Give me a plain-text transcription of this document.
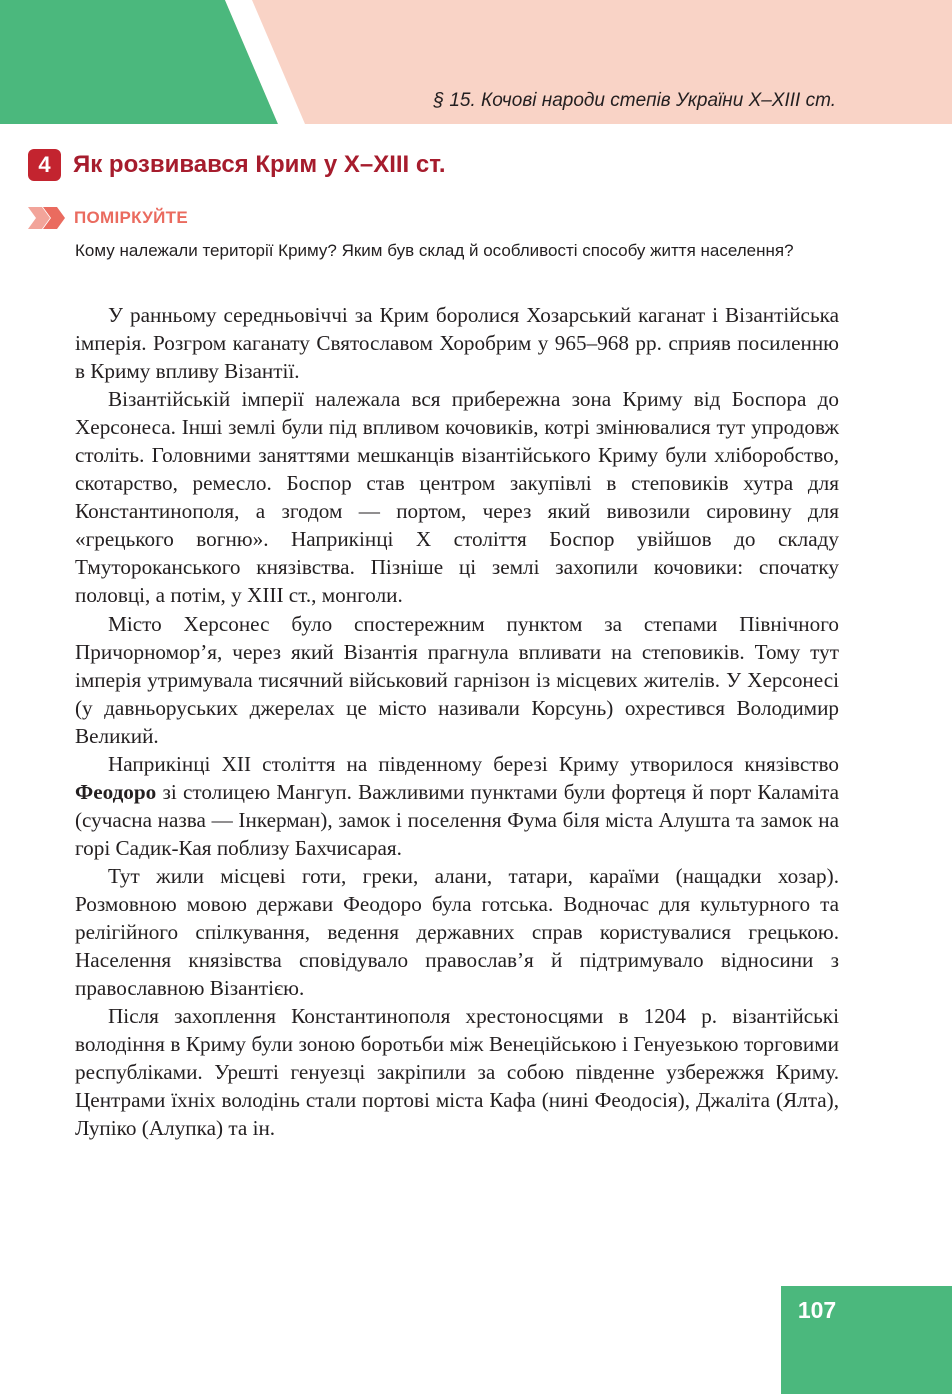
§ 15. Кочові народи степів України X–XIII ст.
4 Як розвивався Крим у X–XIII ст.
ПОМІРКУЙТЕ
Кому належали території Криму? Яким був склад й особливості способу життя населення?

У ранньому середньовіччі за Крим боролися Хозарський каганат і Візантійська імперія. Розгром каганату Святославом Хоробрим у 965–968 рр. сприяв посиленню в Криму впливу Візантії.

Візантійській імперії належала вся прибережна зона Криму від Боспора до Херсонеса. Інші землі були під впливом кочовиків, котрі змінювалися тут упродовж століть. Головними заняттями мешканців візантійського Криму були хліборобство, скотарство, ремесло. Боспор став центром закупівлі в степовиків хутра для Константинополя, а згодом — портом, через який вивозили сировину для «грецького вогню». Наприкінці X століття Боспор увійшов до складу Тмутороканського князівства. Пізніше ці землі захопили кочовики: спочатку половці, а потім, у XIII ст., монголи.

Місто Херсонес було спостережним пунктом за степами Північного Причорномор’я, через який Візантія прагнула впливати на степовиків. Тому тут імперія утримувала тисячний військовий гарнізон із місцевих жителів. У Херсонесі (у давньоруських джерелах це місто називали Корсунь) охрестився Володимир Великий.

Наприкінці XII століття на південному березі Криму утворилося князівство Феодоро зі столицею Мангуп. Важливими пунктами були фортеця й порт Каламіта (сучасна назва — Інкерман), замок і поселення Фума біля міста Алушта та замок на горі Садик-Кая поблизу Бахчисарая.

Тут жили місцеві готи, греки, алани, татари, караїми (нащадки хозар). Розмовною мовою держави Феодоро була готська. Водночас для культурного та релігійного спілкування, ведення державних справ користувалися грецькою. Населення князівства сповідувало православ’я й підтримувало відносини з православною Візантією.

Після захоплення Константинополя хрестоносцями в 1204 р. візантійські володіння в Криму були зоною боротьби між Венеційською і Генуезькою торговими республіками. Урешті генуезці закріпили за собою південне узбережжя Криму. Центрами їхніх володінь стали портові міста Кафа (нині Феодосія), Джаліта (Ялта), Лупіко (Алупка) та ін.

107
